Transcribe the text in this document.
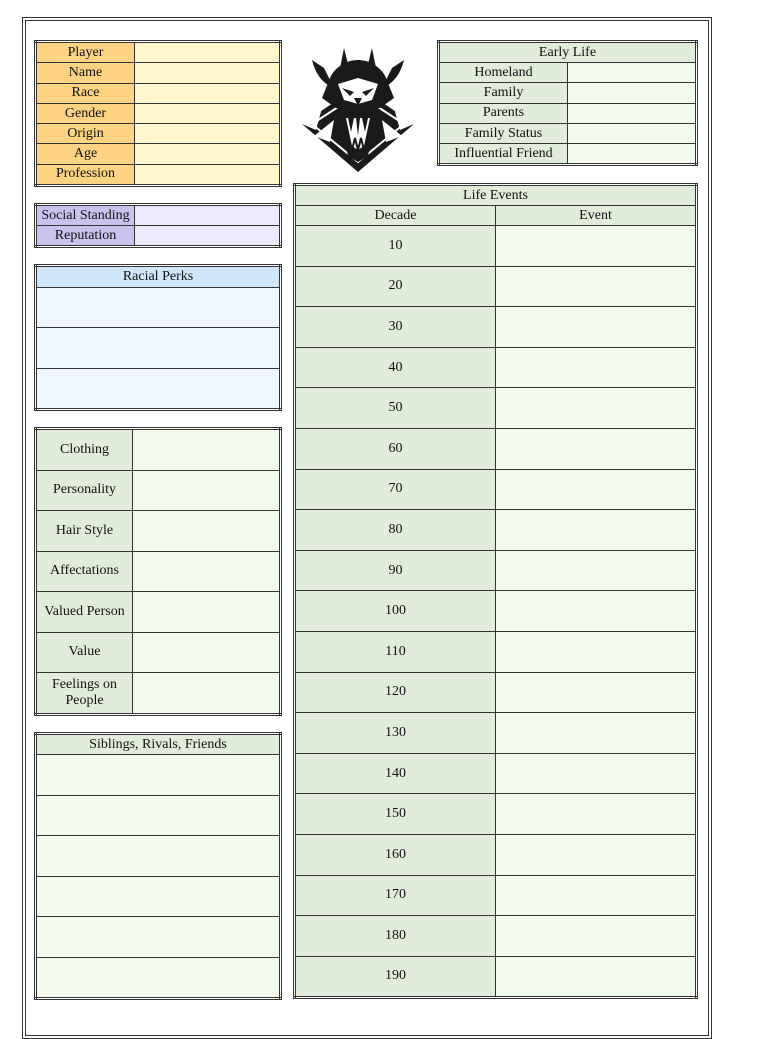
Player	
Name	
Race	
Gender	
Origin	
Age	
Profession	
Social Standing	
Reputation	
Racial Perks

Clothing	
Personality	
Hair Style	
Affectations	
Valued Person	
Value	
Feelings on People	
Siblings, Rivals, Friends

Early Life	
Homeland	
Family	
Parents	
Family Status	
Influential Friend	
Life Events	
Decade	Event
10	
20	
30	
40	
50	
60	
70	
80	
90	
100	
110	
120	
130	
140	
150	
160	
170	
180	
190	
